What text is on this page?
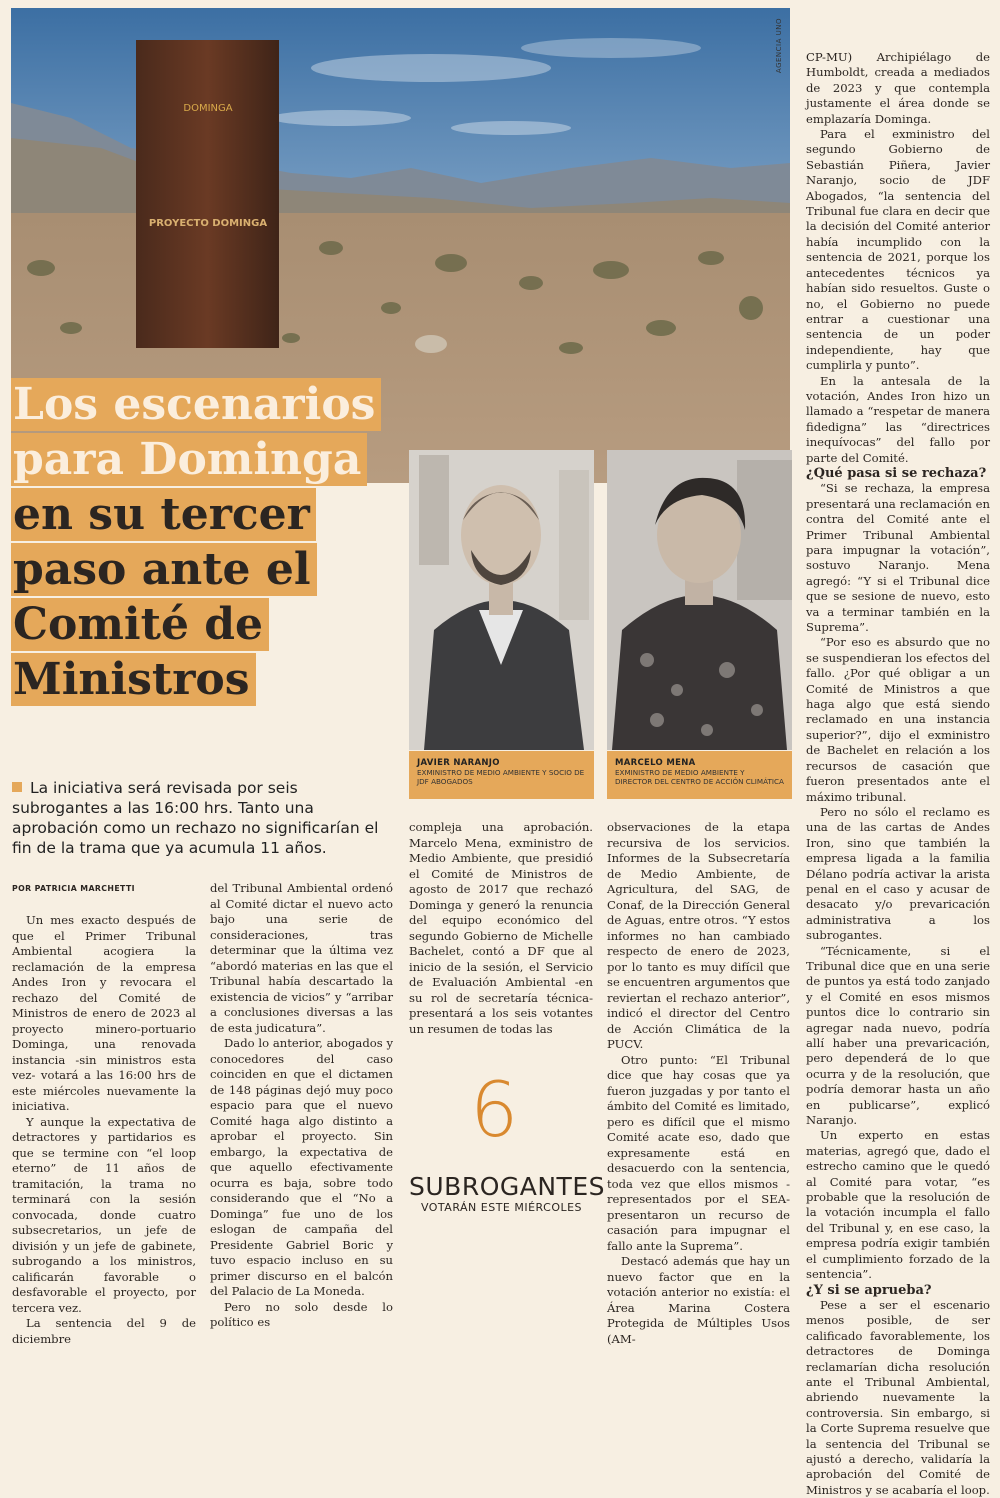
DOMINGA
PROYECTO DOMINGA
AGENCIA UNO
Los escenarios
para Dominga
en su tercer
paso ante el
Comité de
Ministros
JAVIER NARANJO
EXMINISTRO DE MEDIO AMBIENTE Y SOCIO DE JDF ABOGADOS
MARCELO MENA
EXMINISTRO DE MEDIO AMBIENTE Y DIRECTOR DEL CENTRO DE ACCIÓN CLIMÁTICA
La iniciativa será revisada por seis subrogantes a las 16:00 hrs. Tanto una aprobación como un rechazo no significarían el fin de la trama que ya acumula 11 años.
POR PATRICIA MARCHETTI

Un mes exacto después de que el Primer Tribunal Ambiental acogiera la reclamación de la empresa Andes Iron y revocara el rechazo del Comité de Ministros de enero de 2023 al proyecto minero-portuario Dominga, una renovada instancia -sin ministros esta vez- votará a las 16:00 hrs de este miércoles nuevamente la iniciativa.

Y aunque la expectativa de detractores y partidarios es que se termine con “el loop eterno” de 11 años de tramitación, la trama no terminará con la sesión convocada, donde cuatro subsecretarios, un jefe de división y un jefe de gabinete, subrogando a los ministros, calificarán favorable o desfavorable el proyecto, por tercera vez.

La sentencia del 9 de diciembre

del Tribunal Ambiental ordenó al Comité dictar el nuevo acto bajo una serie de consideraciones, tras determinar que la última vez “abordó materias en las que el Tribunal había descartado la existencia de vicios” y “arribar a conclusiones diversas a las de esta judicatura”.

Dado lo anterior, abogados y conocedores del caso coinciden en que el dictamen de 148 páginas dejó muy poco espacio para que el nuevo Comité haga algo distinto a aprobar el proyecto. Sin embargo, la expectativa de que aquello efectivamente ocurra es baja, sobre todo considerando que el “No a Dominga” fue uno de los eslogan de campaña del Presidente Gabriel Boric y tuvo espacio incluso en su primer discurso en el balcón del Palacio de La Moneda.

Pero no solo desde lo político es

compleja una aprobación. Marcelo Mena, exministro de Medio Ambiente, que presidió el Comité de Ministros de agosto de 2017 que rechazó Dominga y generó la renuncia del equipo económico del segundo Gobierno de Michelle Bachelet, contó a DF que al inicio de la sesión, el Servicio de Evaluación Ambiental -en su rol de secretaría técnica- presentará a los seis votantes un resumen de todas las

6
SUBROGANTES
VOTARÁN ESTE MIÉRCOLES

observaciones de la etapa recursiva de los servicios. Informes de la Subsecretaría de Medio Ambiente, de Agricultura, del SAG, de Conaf, de la Dirección General de Aguas, entre otros. “Y estos informes no han cambiado respecto de enero de 2023, por lo tanto es muy difícil que se encuentren argumentos que reviertan el rechazo anterior”, indicó el director del Centro de Acción Climática de la PUCV.

Otro punto: “El Tribunal dice que hay cosas que ya fueron juzgadas y por tanto el ámbito del Comité es limitado, pero es difícil que el mismo Comité acate eso, dado que expresamente está en desacuerdo con la sentencia, toda vez que ellos mismos -representados por el SEA- presentaron un recurso de casación para impugnar el fallo ante la Suprema”.

Destacó además que hay un nuevo factor que en la votación anterior no existía: el Área Marina Costera Protegida de Múltiples Usos (AM-

CP-MU) Archipiélago de Humboldt, creada a mediados de 2023 y que contempla justamente el área donde se emplazaría Dominga.

Para el exministro del segundo Gobierno de Sebastián Piñera, Javier Naranjo, socio de JDF Abogados, “la sentencia del Tribunal fue clara en decir que la decisión del Comité anterior había incumplido con la sentencia de 2021, porque los antecedentes técnicos ya habían sido resueltos. Guste o no, el Gobierno no puede entrar a cuestionar una sentencia de un poder independiente, hay que cumplirla y punto”.

En la antesala de la votación, Andes Iron hizo un llamado a “respetar de manera fidedigna” las “directrices inequívocas” del fallo por parte del Comité.

¿Qué pasa si se rechaza?

“Si se rechaza, la empresa presentará una reclamación en contra del Comité ante el Primer Tribunal Ambiental para impugnar la votación”, sostuvo Naranjo. Mena agregó: “Y si el Tribunal dice que se sesione de nuevo, esto va a terminar también en la Suprema”.

“Por eso es absurdo que no se suspendieran los efectos del fallo. ¿Por qué obligar a un Comité de Ministros a que haga algo que está siendo reclamado en una instancia superior?”, dijo el exministro de Bachelet en relación a los recursos de casación que fueron presentados ante el máximo tribunal.

Pero no sólo el reclamo es una de las cartas de Andes Iron, sino que también la empresa ligada a la familia Délano podría activar la arista penal en el caso y acusar de desacato y/o prevaricación administrativa a los subrogantes.

“Técnicamente, si el Tribunal dice que en una serie de puntos ya está todo zanjado y el Comité en esos mismos puntos dice lo contrario sin agregar nada nuevo, podría allí haber una prevaricación, pero dependerá de lo que ocurra y de la resolución, que podría demorar hasta un año en publicarse”, explicó Naranjo.

Un experto en estas materias, agregó que, dado el estrecho camino que le quedó al Comité para votar, “es probable que la resolución de la votación incumpla el fallo del Tribunal y, en ese caso, la empresa podría exigir también el cumplimiento forzado de la sentencia”.

¿Y si se aprueba?

Pese a ser el escenario menos posible, de ser calificado favorablemente, los detractores de Dominga reclamarían dicha resolución ante el Tribunal Ambiental, abriendo nuevamente la controversia. Sin embargo, si la Corte Suprema resuelve que la sentencia del Tribunal se ajustó a derecho, validaría la aprobación del Comité de Ministros y se acabaría el loop.
